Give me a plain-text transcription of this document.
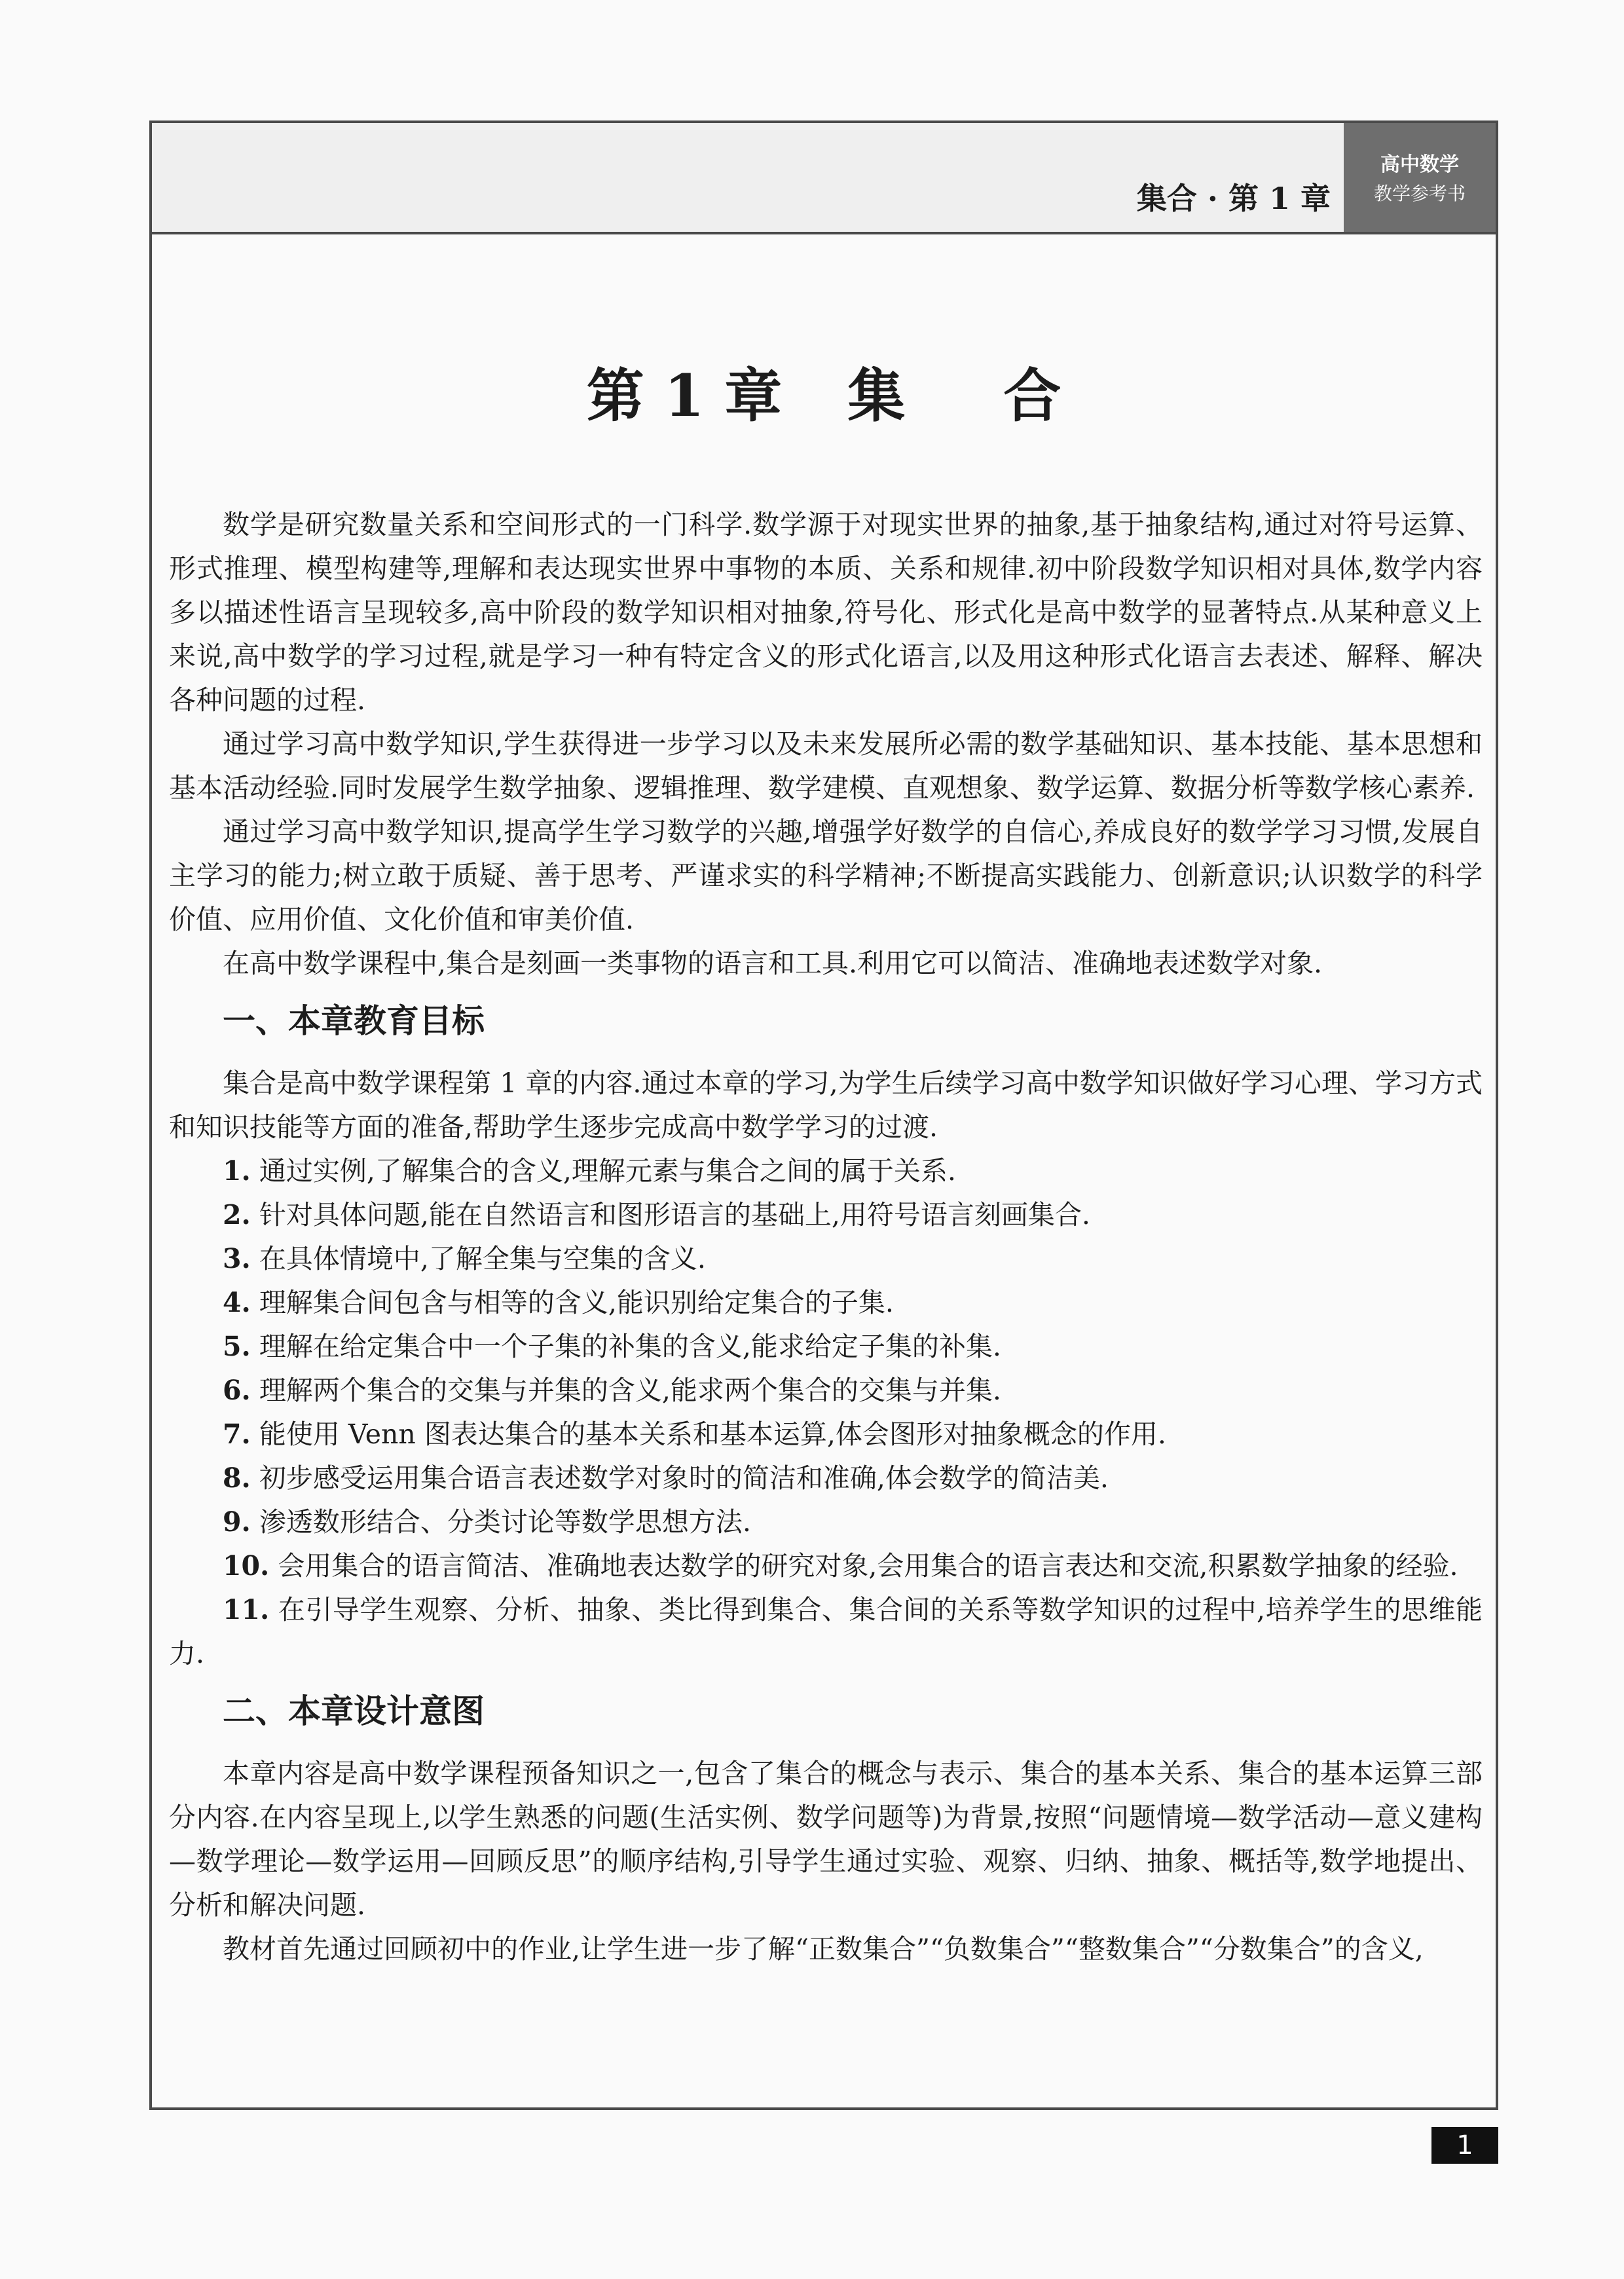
集合 · 第 1 章
高中数学
教学参考书
第 1 章 集 合

数学是研究数量关系和空间形式的一门科学.数学源于对现实世界的抽象,基于抽象结构,通过对符号运算、形式推理、模型构建等,理解和表达现实世界中事物的本质、关系和规律.初中阶段数学知识相对具体,数学内容多以描述性语言呈现较多,高中阶段的数学知识相对抽象,符号化、形式化是高中数学的显著特点.从某种意义上来说,高中数学的学习过程,就是学习一种有特定含义的形式化语言,以及用这种形式化语言去表述、解释、解决各种问题的过程.

通过学习高中数学知识,学生获得进一步学习以及未来发展所必需的数学基础知识、基本技能、基本思想和基本活动经验.同时发展学生数学抽象、逻辑推理、数学建模、直观想象、数学运算、数据分析等数学核心素养.

通过学习高中数学知识,提高学生学习数学的兴趣,增强学好数学的自信心,养成良好的数学学习习惯,发展自主学习的能力;树立敢于质疑、善于思考、严谨求实的科学精神;不断提高实践能力、创新意识;认识数学的科学价值、应用价值、文化价值和审美价值.

在高中数学课程中,集合是刻画一类事物的语言和工具.利用它可以简洁、准确地表述数学对象.

一、本章教育目标

集合是高中数学课程第 1 章的内容.通过本章的学习,为学生后续学习高中数学知识做好学习心理、学习方式和知识技能等方面的准备,帮助学生逐步完成高中数学学习的过渡.

1. 通过实例,了解集合的含义,理解元素与集合之间的属于关系.
2. 针对具体问题,能在自然语言和图形语言的基础上,用符号语言刻画集合.
3. 在具体情境中,了解全集与空集的含义.
4. 理解集合间包含与相等的含义,能识别给定集合的子集.
5. 理解在给定集合中一个子集的补集的含义,能求给定子集的补集.
6. 理解两个集合的交集与并集的含义,能求两个集合的交集与并集.
7. 能使用 Venn 图表达集合的基本关系和基本运算,体会图形对抽象概念的作用.
8. 初步感受运用集合语言表述数学对象时的简洁和准确,体会数学的简洁美.
9. 渗透数形结合、分类讨论等数学思想方法.
10. 会用集合的语言简洁、准确地表达数学的研究对象,会用集合的语言表达和交流,积累数学抽象的经验.
11. 在引导学生观察、分析、抽象、类比得到集合、集合间的关系等数学知识的过程中,培养学生的思维能力.
二、本章设计意图

本章内容是高中数学课程预备知识之一,包含了集合的概念与表示、集合的基本关系、集合的基本运算三部分内容.在内容呈现上,以学生熟悉的问题(生活实例、数学问题等)为背景,按照“问题情境—数学活动—意义建构—数学理论—数学运用—回顾反思”的顺序结构,引导学生通过实验、观察、归纳、抽象、概括等,数学地提出、分析和解决问题.

教材首先通过回顾初中的作业,让学生进一步了解“正数集合”“负数集合”“整数集合”“分数集合”的含义,

1
